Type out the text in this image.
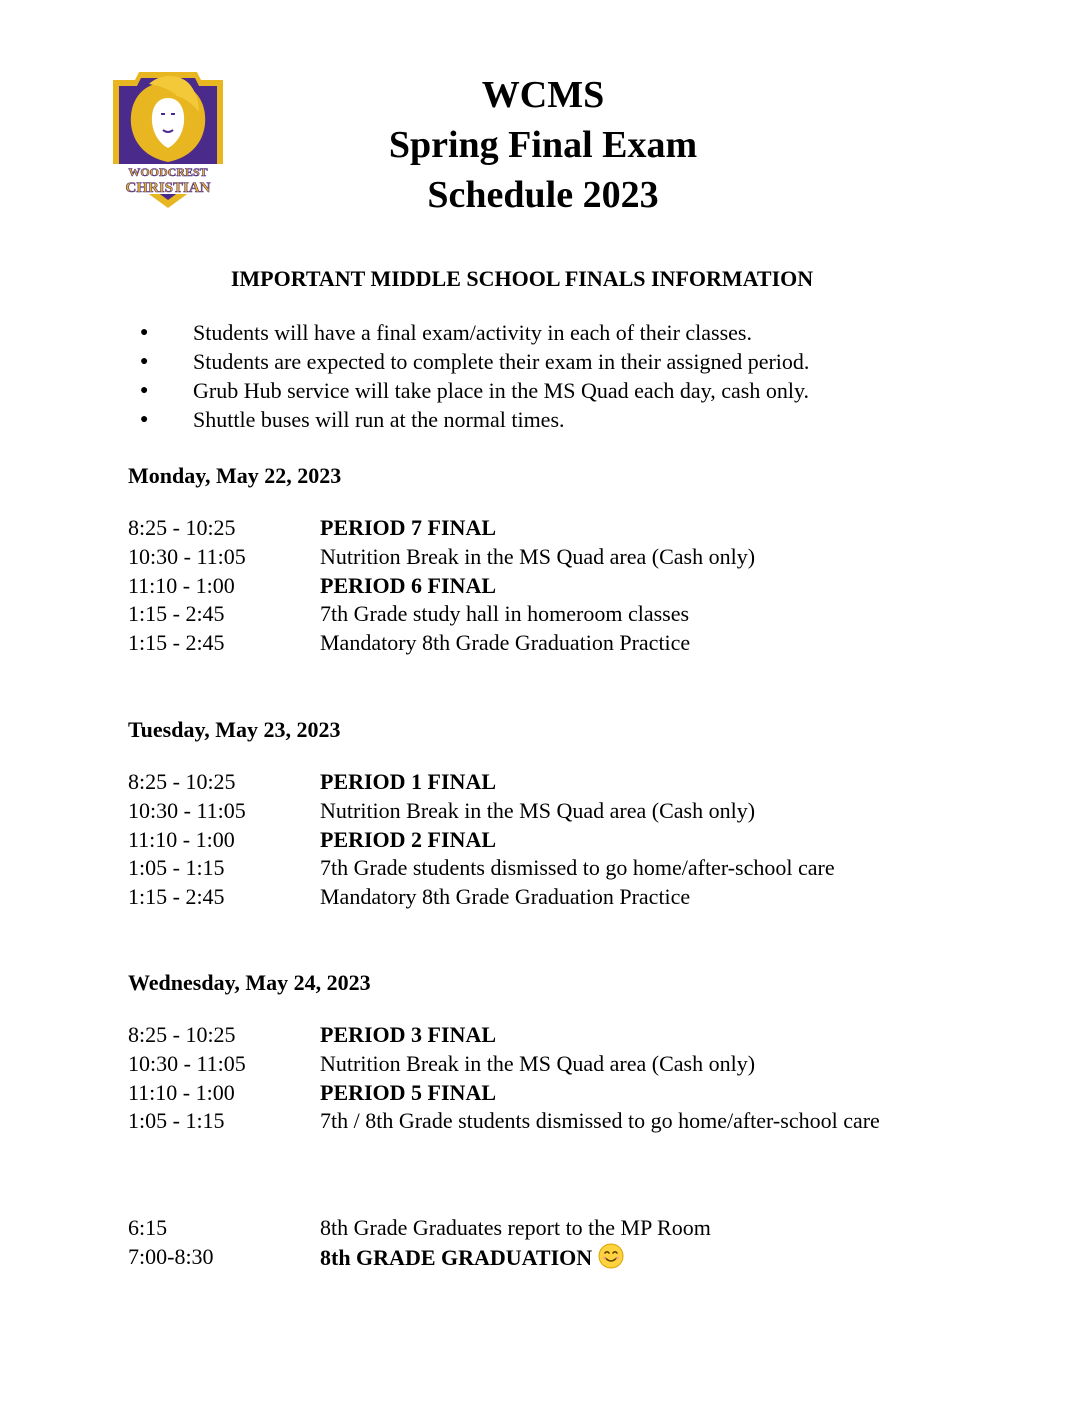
WOODCREST
CHRISTIAN
WCMS
Spring Final Exam
Schedule 2023
IMPORTANT MIDDLE SCHOOL FINALS INFORMATION
● Students will have a final exam/activity in each of their classes.
● Students are expected to complete their exam in their assigned period.
● Grub Hub service will take place in the MS Quad each day, cash only.
● Shuttle buses will run at the normal times.
Monday, May 22, 2023
8:25 - 10:25	PERIOD 7 FINAL
10:30 - 11:05	Nutrition Break in the MS Quad area (Cash only)
11:10 - 1:00	PERIOD 6 FINAL
1:15 - 2:45	7th Grade study hall in homeroom classes
1:15 - 2:45	Mandatory 8th Grade Graduation Practice
Tuesday, May 23, 2023
8:25 - 10:25	PERIOD 1 FINAL
10:30 - 11:05	Nutrition Break in the MS Quad area (Cash only)
11:10 - 1:00	PERIOD 2 FINAL
1:05 - 1:15	7th Grade students dismissed to go home/after-school care
1:15 - 2:45	Mandatory 8th Grade Graduation Practice
Wednesday, May 24, 2023
8:25 - 10:25	PERIOD 3 FINAL
10:30 - 11:05	Nutrition Break in the MS Quad area (Cash only)
11:10 - 1:00	PERIOD 5 FINAL
1:05 - 1:15	7th / 8th Grade students dismissed to go home/after-school care
6:15	8th Grade Graduates report to the MP Room
7:00-8:30	8th GRADE GRADUATION
